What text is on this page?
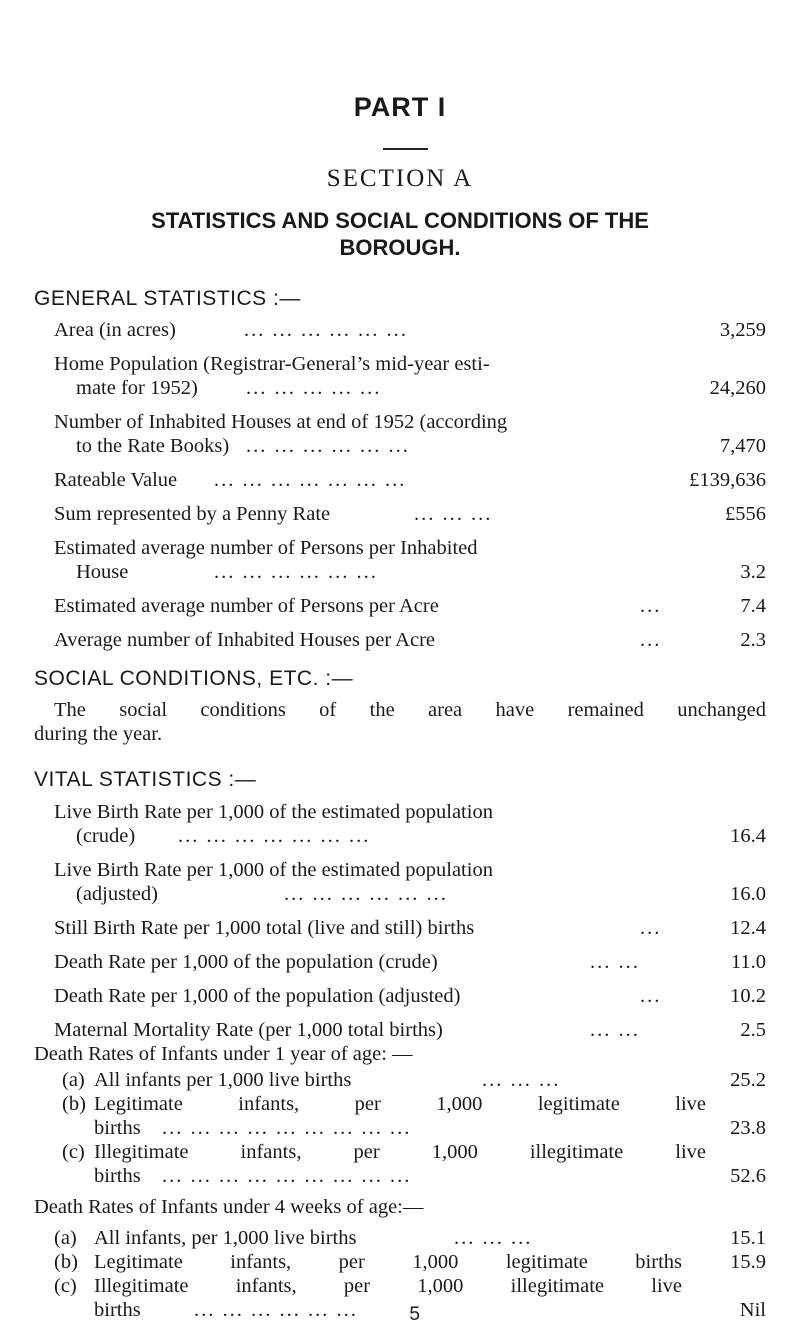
PART I
SECTION A
STATISTICS AND SOCIAL CONDITIONS OF THE
BOROUGH.
GENERAL STATISTICS :—
Area (in acres)	... ... ... ... ... ...	3,259
Home Population (Registrar-General’s mid-year esti-
mate for 1952) ... ... ... ... ...	24,260
Number of Inhabited Houses at end of 1952 (according
to the Rate Books) ... ... ... ... ... ...	7,470
Rateable Value ... ... ... ... ... ... ...	£139,636
Sum represented by a Penny Rate	... ... ...	£556
Estimated average number of Persons per Inhabited
House	... ... ... ... ... ...	3.2
Estimated average number of Persons per Acre	...	7.4
Average number of Inhabited Houses per Acre	...	2.3
SOCIAL CONDITIONS, ETC. :—
The social conditions of the area have remained unchanged
during the year.
VITAL STATISTICS :—
Live Birth Rate per 1,000 of the estimated population
(crude) ... ... ... ... ... ... ...	16.4
Live Birth Rate per 1,000 of the estimated population
(adjusted)	... ... ... ... ... ...	16.0
Still Birth Rate per 1,000 total (live and still) births	...	12.4
Death Rate per 1,000 of the population (crude)	... ...	11.0
Death Rate per 1,000 of the population (adjusted)	...	10.2
Maternal Mortality Rate (per 1,000 total births)	... ...	2.5
Death Rates of Infants under 1 year of age: —
(a) All infants per 1,000 live births	... ... ...	25.2
(b) Legitimate infants, per 1,000 legitimate live
births ... ... ... ... ... ... ... ... ...	23.8
(c) Illegitimate infants, per 1,000 illegitimate live
births ... ... ... ... ... ... ... ... ...	52.6
Death Rates of Infants under 4 weeks of age:—
(a) All infants, per 1,000 live births	... ... ...	15.1
(b) Legitimate infants, per 1,000 legitimate births 15.9
(c) Illegitimate infants, per 1,000 illegitimate live
births	... ... ... ... ... ...	Nil
5
